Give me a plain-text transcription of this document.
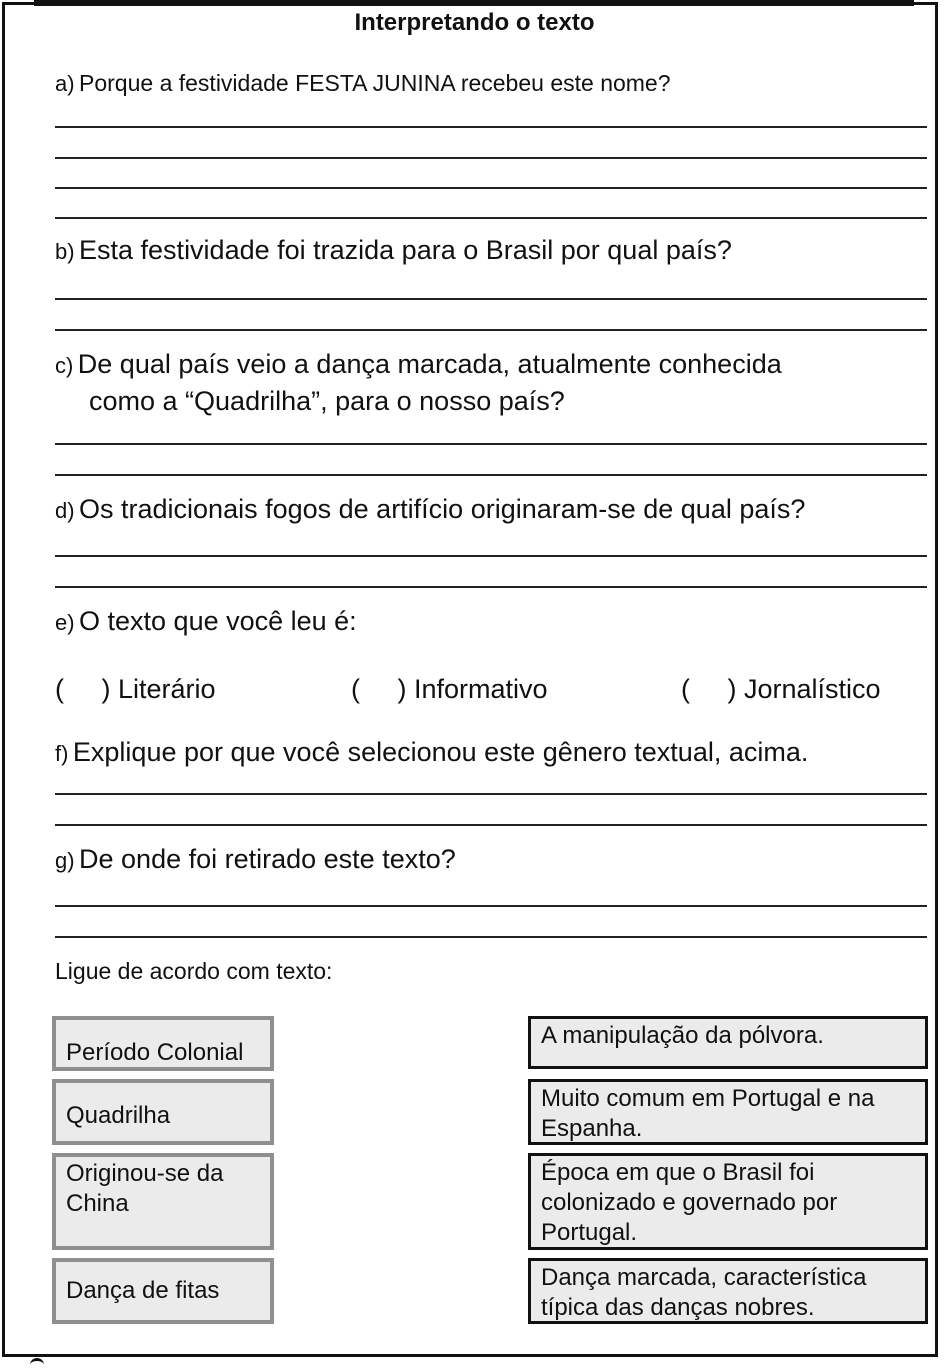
Interpretando o texto
a) Porque a festividade FESTA JUNINA recebeu este nome?
b) Esta festividade foi trazida para o Brasil por qual país?
c) De qual país veio a dança marcada, atualmente conhecida
como a “Quadrilha”, para o nosso país?
d) Os tradicionais fogos de artifício originaram-se de qual país?
e) O texto que você leu é:
(     ) Literário	(     ) Informativo	(     ) Jornalístico
f) Explique por que você selecionou este gênero textual, acima.
g) De onde foi retirado este texto?
Ligue de acordo com texto:
Período Colonial
Quadrilha
Originou-se da China
Dança de fitas
A manipulação da pólvora.
Muito comum em Portugal e na Espanha.
Época em que o Brasil foi colonizado e governado por Portugal.
Dança marcada, característica típica das danças nobres.
